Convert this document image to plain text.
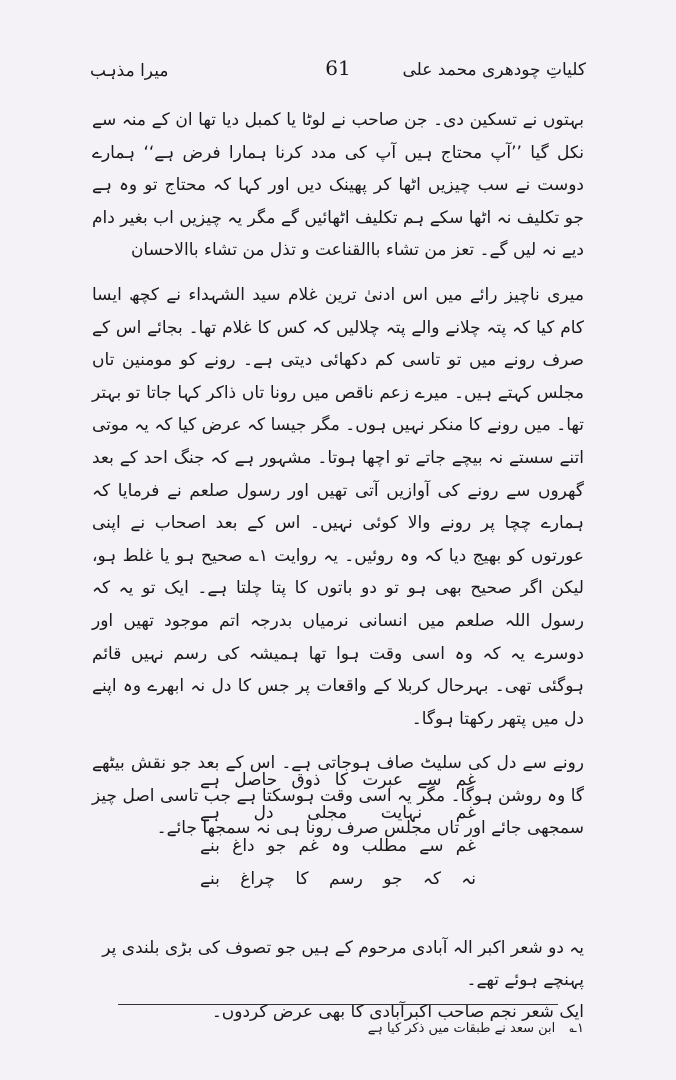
کلیاتِ چودھری محمد علی
61
میرا مذہب

بہتوں نے تسکین دی۔ جن صاحب نے لوٹا یا کمبل دیا تھا ان کے منہ سے نکل گیا ’’آپ محتاج ہیں آپ کی مدد کرنا ہمارا فرض ہے‘‘ ہمارے دوست نے سب چیزیں اٹھا کر پھینک دیں اور کہا کہ محتاج تو وہ ہے جو تکلیف نہ اٹھا سکے ہم تکلیف اٹھائیں گے مگر یہ چیزیں اب بغیر دام دیے نہ لیں گے۔ تعز من تشاء باالقناعت و تذل من تشاء باالاحسان

میری ناچیز رائے میں اس ادنیٰ ترین غلام سید الشہداء نے کچھ ایسا کام کیا کہ پتہ چلانے والے پتہ چلالیں کہ کس کا غلام تھا۔ بجائے اس کے صرف رونے میں تو تاسی کم دکھائی دیتی ہے۔ رونے کو مومنین تاں مجلس کہتے ہیں۔ میرے زعم ناقص میں رونا تاں ذاکر کہا جاتا تو بہتر تھا۔ میں رونے کا منکر نہیں ہوں۔ مگر جیسا کہ عرض کیا کہ یہ موتی اتنے سستے نہ بیچے جاتے تو اچھا ہوتا۔ مشہور ہے کہ جنگ احد کے بعد گھروں سے رونے کی آوازیں آتی تھیں اور رسول صلعم نے فرمایا کہ ہمارے چچا پر رونے والا کوئی نہیں۔ اس کے بعد اصحاب نے اپنی عورتوں کو بھیج دیا کہ وہ روئیں۔ یہ روایت ۱؎ صحیح ہو یا غلط ہو، لیکن اگر صحیح بھی ہو تو دو باتوں کا پتا چلتا ہے۔ ایک تو یہ کہ رسول اللہ صلعم میں انسانی نرمیاں بدرجہ اتم موجود تھیں اور دوسرے یہ کہ وہ اسی وقت ہوا تھا ہمیشہ کی رسم نہیں قائم ہوگئی تھی۔ بہرحال کربلا کے واقعات پر جس کا دل نہ ابھرے وہ اپنے دل میں پتھر رکھتا ہوگا۔

رونے سے دل کی سلیٹ صاف ہوجاتی ہے۔ اس کے بعد جو نقش بیٹھے گا وہ روشن ہوگا۔ مگر یہ اسی وقت ہوسکتا ہے جب تاسی اصل چیز سمجھی جائے اور تاں مجلس صرف رونا ہی نہ سمجھا جائے۔

غم
سے
عبرت
کا
ذوق
حاصل
ہے
غم
نہایت
مجلی
دل
ہے
غم
سے
مطلب
وہ
غم
جو
داغ
بنے
نہ
کہ
جو
رسم
کا
چراغ
بنے

یہ دو شعر اکبر الہ آبادی مرحوم کے ہیں جو تصوف کی بڑی بلندی پر پہنچے ہوئے تھے۔

ایک شعر نجم صاحب اکبرآبادی کا بھی عرض کردوں۔

۱؎ ابن سعد نے طبقات میں ذکر کیا ہے
